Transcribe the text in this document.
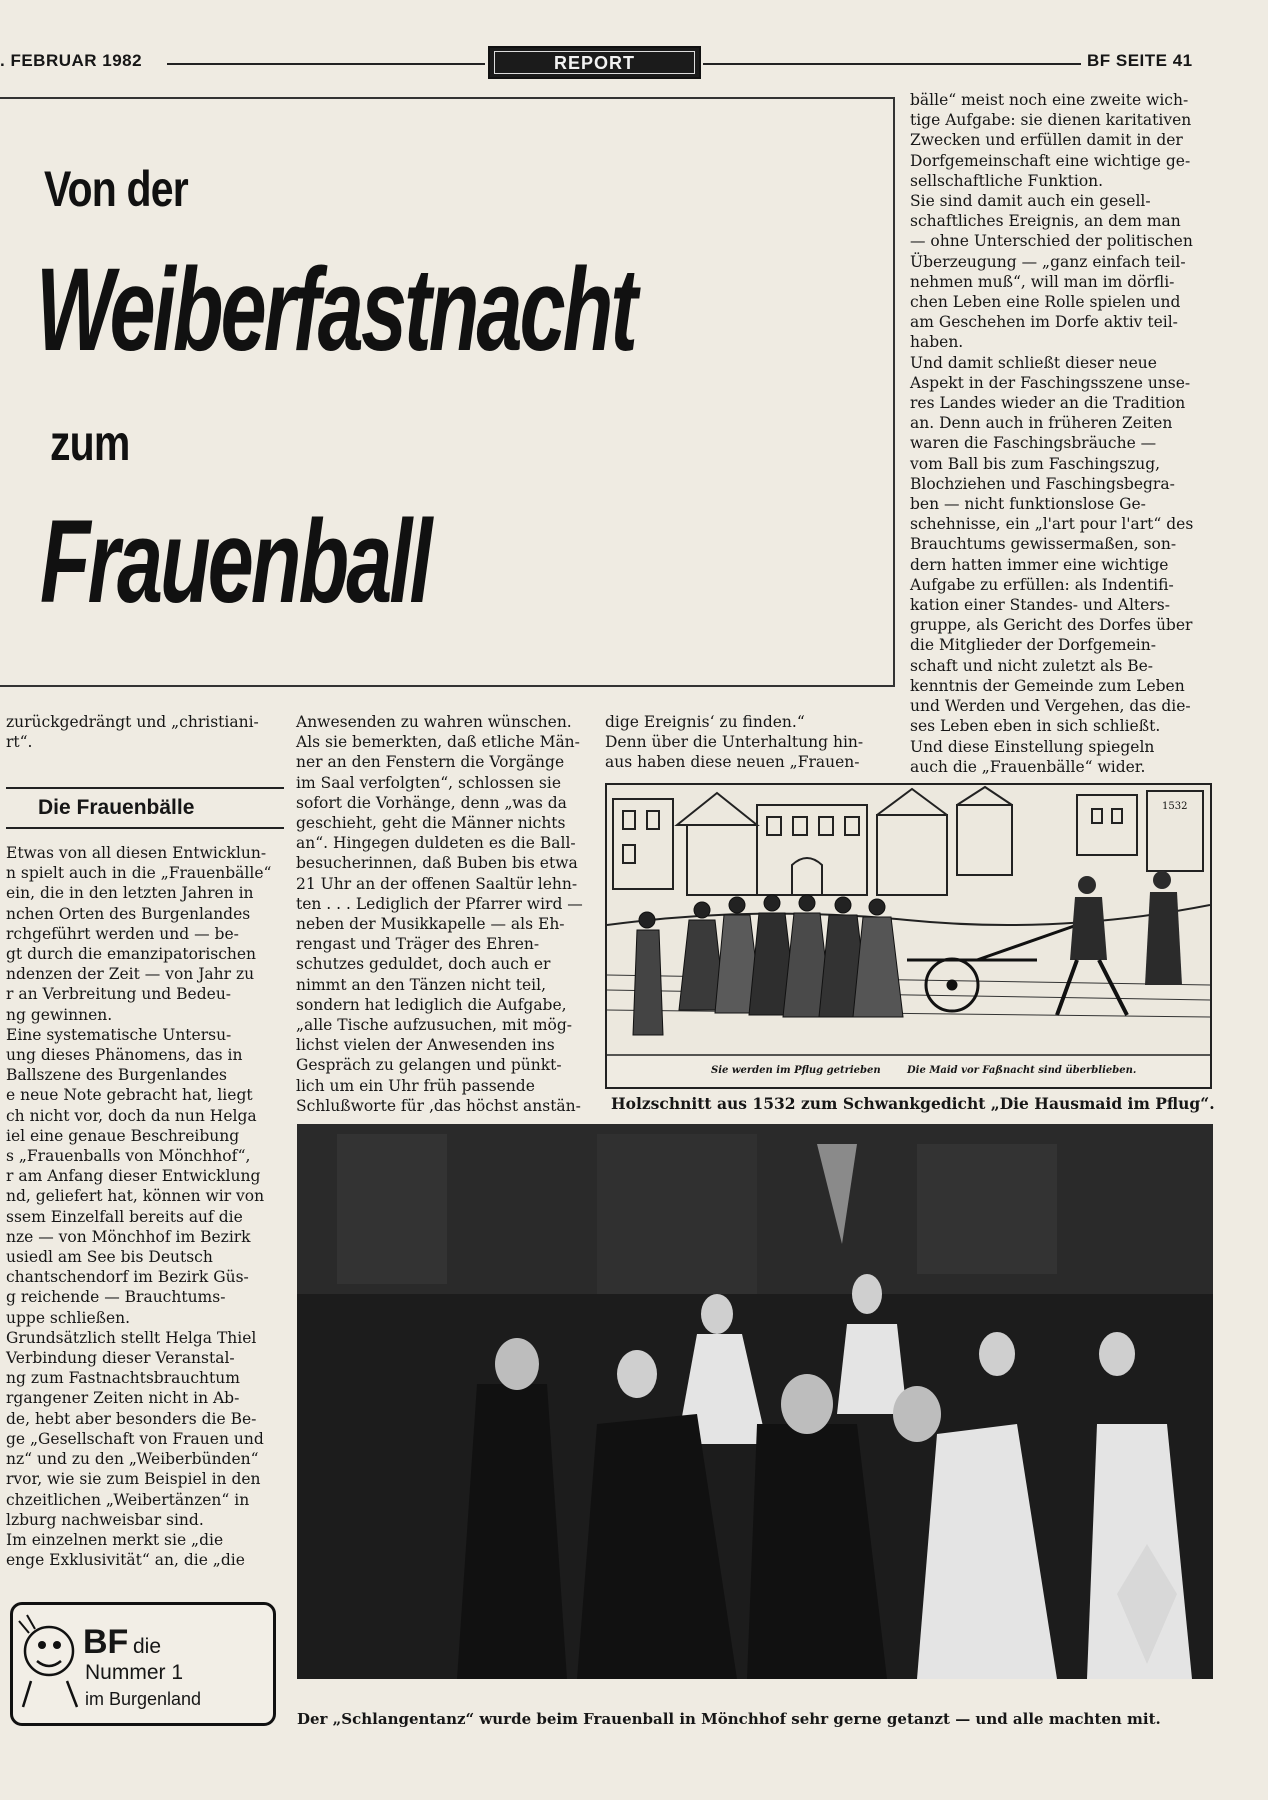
. FEBRUAR 1982	REPORT	BF SEITE 41
Von der
Weiberfastnacht
zum
Frauenball
zurückgedrängt und „christiani-
rt“.
Die Frauenbälle
Etwas von all diesen Entwicklun-
n spielt auch in die „Frauenbälle“
ein, die in den letzten Jahren in
nchen Orten des Burgenlandes
rchgeführt werden und — be-
gt durch die emanzipatorischen
ndenzen der Zeit — von Jahr zu
r an Verbreitung und Bedeu-
ng gewinnen.
Eine systematische Untersu-
ung dieses Phänomens, das in
Ballszene des Burgenlandes
e neue Note gebracht hat, liegt
ch nicht vor, doch da nun Helga
iel eine genaue Beschreibung
s „Frauenballs von Mönchhof“,
r am Anfang dieser Entwicklung
nd, geliefert hat, können wir von
ssem Einzelfall bereits auf die
nze — von Mönchhof im Bezirk
usiedl am See bis Deutsch
chantschendorf im Bezirk Güs-
g reichende — Brauchtums-
uppe schließen.
Grundsätzlich stellt Helga Thiel
Verbindung dieser Veranstal-
ng zum Fastnachtsbrauchtum
rgangener Zeiten nicht in Ab-
de, hebt aber besonders die Be-
ge „Gesellschaft von Frauen und
nz“ und zu den „Weiberbünden“
rvor, wie sie zum Beispiel in den
chzeitlichen „Weibertänzen“ in
lzburg nachweisbar sind.
Im einzelnen merkt sie „die
enge Exklusivität“ an, die „die
Anwesenden zu wahren wünschen.
Als sie bemerkten, daß etliche Män-
ner an den Fenstern die Vorgänge
im Saal verfolgten“, schlossen sie
sofort die Vorhänge, denn „was da
geschieht, geht die Männer nichts
an“. Hingegen duldeten es die Ball-
besucherinnen, daß Buben bis etwa
21 Uhr an der offenen Saaltür lehn-
ten . . . Lediglich der Pfarrer wird —
neben der Musikkapelle — als Eh-
rengast und Träger des Ehren-
schutzes geduldet, doch auch er
nimmt an den Tänzen nicht teil,
sondern hat lediglich die Aufgabe,
„alle Tische aufzusuchen, mit mög-
lichst vielen der Anwesenden ins
Gespräch zu gelangen und pünkt-
lich um ein Uhr früh passende
Schlußworte für ‚das höchst anstän-
dige Ereignis‘ zu finden.“
Denn über die Unterhaltung hin-
aus haben diese neuen „Frauen-
bälle“ meist noch eine zweite wich-
tige Aufgabe: sie dienen karitativen
Zwecken und erfüllen damit in der
Dorfgemeinschaft eine wichtige ge-
sellschaftliche Funktion.
Sie sind damit auch ein gesell-
schaftliches Ereignis, an dem man
— ohne Unterschied der politischen
Überzeugung — „ganz einfach teil-
nehmen muß“, will man im dörfli-
chen Leben eine Rolle spielen und
am Geschehen im Dorfe aktiv teil-
haben.
Und damit schließt dieser neue
Aspekt in der Faschingsszene unse-
res Landes wieder an die Tradition
an. Denn auch in früheren Zeiten
waren die Faschingsbräuche —
vom Ball bis zum Faschingszug,
Blochziehen und Faschingsbegra-
ben — nicht funktionslose Ge-
schehnisse, ein „l'art pour l'art“ des
Brauchtums gewissermaßen, son-
dern hatten immer eine wichtige
Aufgabe zu erfüllen: als Indentifi-
kation einer Standes- und Alters-
gruppe, als Gericht des Dorfes über
die Mitglieder der Dorfgemein-
schaft und nicht zuletzt als Be-
kenntnis der Gemeinde zum Leben
und Werden und Vergehen, das die-
ses Leben eben in sich schließt.
Und diese Einstellung spiegeln
auch die „Frauenbälle“ wider.
1532
Sie werden im Pflug getrieben	Die Maid vor Faßnacht sind überblieben.
Holzschnitt aus 1532 zum Schwankgedicht „Die Hausmaid im Pflug“.
Der „Schlangentanz“ wurde beim Frauenball in Mönchhof sehr gerne getanzt — und alle machten mit.
BF die
Nummer 1
im Burgenland
